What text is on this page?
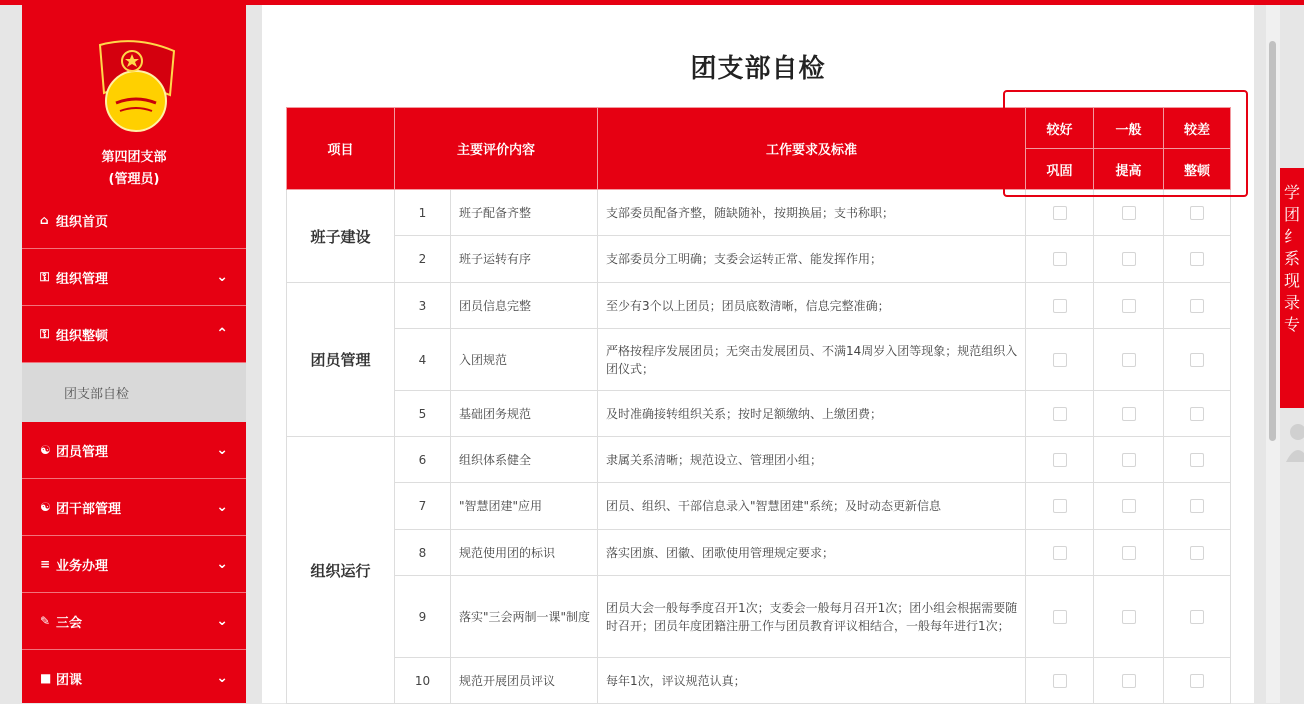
第四团支部
(管理员)
⌂ 组织首页
⚿ 组织管理	⌄
⚿ 组织整顿	⌃
团支部自检
☯ 团员管理	⌄
☯ 团干部管理	⌄
≡ 业务办理	⌄
✎ 三会	⌄
■ 团课	⌄
团支部自检
项目	主要评价内容		工作要求及标准	较好	一般	较差
				巩固	提高	整顿
班子建设	1	班子配备齐整	支部委员配备齐整，随缺随补，按期换届；支书称职；			
	2	班子运转有序	支部委员分工明确；支委会运转正常、能发挥作用；			
团员管理	3	团员信息完整	至少有3个以上团员；团员底数清晰，信息完整准确；			
	4	入团规范	严格按程序发展团员；无突击发展团员、不满14周岁入团等现象；规范组织入团仪式；			
	5	基础团务规范	及时准确接转组织关系；按时足额缴纳、上缴团费；			
组织运行	6	组织体系健全	隶属关系清晰；规范设立、管理团小组；			
	7	"智慧团建"应用	团员、组织、干部信息录入"智慧团建"系统；及时动态更新信息			
	8	规范使用团的标识	落实团旗、团徽、团歌使用管理规定要求；			
	9	落实"三会两制一课"制度	团员大会一般每季度召开1次；支委会一般每月召开1次；团小组会根据需要随时召开；团员年度团籍注册工作与团员教育评议相结合，一般每年进行1次；			
	10	规范开展团员评议	每年1次，评议规范认真；			
学
团
纟
系
现
录
专
